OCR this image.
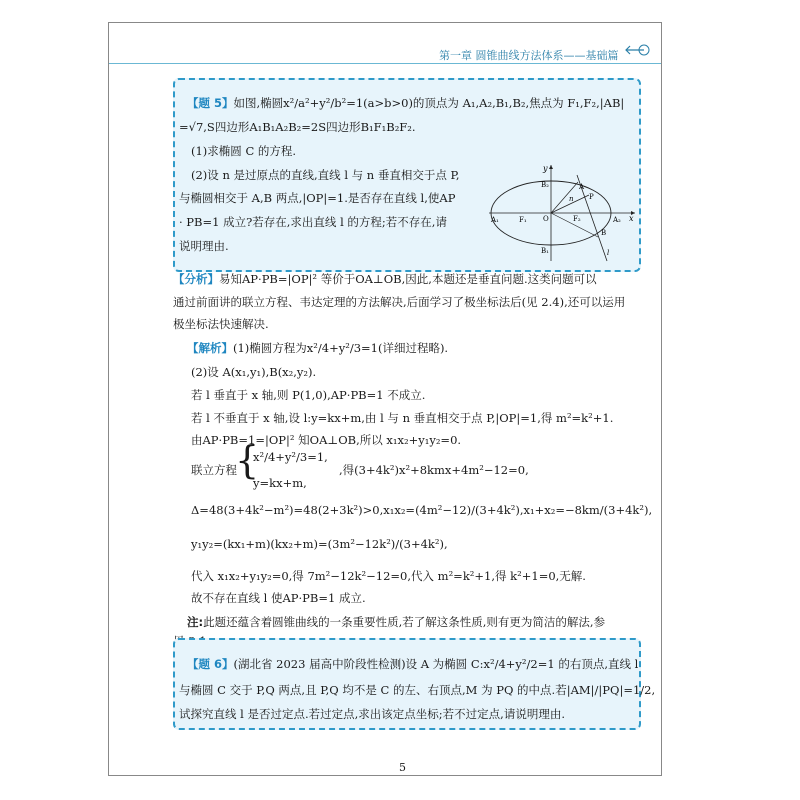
第一章 圆锥曲线方法体系——基础篇
【题 5】如图,椭圆x²/a²+y²/b²=1(a>b>0)的顶点为 A₁,A₂,B₁,B₂,焦点为 F₁,F₂,|AB|
=√7,S四边形A₁B₁A₂B₂=2S四边形B₁F₁B₂F₂.
(1)求椭圆 C 的方程.
(2)设 n 是过原点的直线,直线 l 与 n 垂直相交于点 P,
与椭圆相交于 A,B 两点,|OP|=1.是否存在直线 l,使AP
· PB=1 成立?若存在,求出直线 l 的方程;若不存在,请
说明理由.
y
B₂	A
n P
O
F₁	F₂
A₁	A₂ x
B₁
B
l
【分析】易知AP·PB=|OP|² 等价于OA⊥OB,因此,本题还是垂直问题.这类问题可以
通过前面讲的联立方程、韦达定理的方法解决,后面学习了极坐标法后(见 2.4),还可以运用
极坐标法快速解决.
【解析】(1)椭圆方程为x²/4+y²/3=1(详细过程略).
(2)设 A(x₁,y₁),B(x₂,y₂).
若 l 垂直于 x 轴,则 P(1,0),AP·PB=1 不成立.
若 l 不垂直于 x 轴,设 l:y=kx+m,由 l 与 n 垂直相交于点 P,|OP|=1,得 m²=k²+1.
由AP·PB=1=|OP|² 知OA⊥OB,所以 x₁x₂+y₁y₂=0.
联立方程
{
x²/4+y²/3=1,
,得(3+4k²)x²+8kmx+4m²−12=0,
y=kx+m,
Δ=48(3+4k²−m²)=48(2+3k²)>0,x₁x₂=(4m²−12)/(3+4k²),x₁+x₂=−8km/(3+4k²),
y₁y₂=(kx₁+m)(kx₂+m)=(3m²−12k²)/(3+4k²),
代入 x₁x₂+y₁y₂=0,得 7m²−12k²−12=0,代入 m²=k²+1,得 k²+1=0,无解.
故不存在直线 l 使AP·PB=1 成立.
注:此题还蕴含着圆锥曲线的一条重要性质,若了解这条性质,则有更为简洁的解法,参
【题 6】(湖北省 2023 届高中阶段性检测)设 A 为椭圆 C:x²/4+y²/2=1 的右顶点,直线 l
与椭圆 C 交于 P,Q 两点,且 P,Q 均不是 C 的左、右顶点,M 为 PQ 的中点.若|AM|/|PQ|=1/2,
试探究直线 l 是否过定点.若过定点,求出该定点坐标;若不过定点,请说明理由.
5
